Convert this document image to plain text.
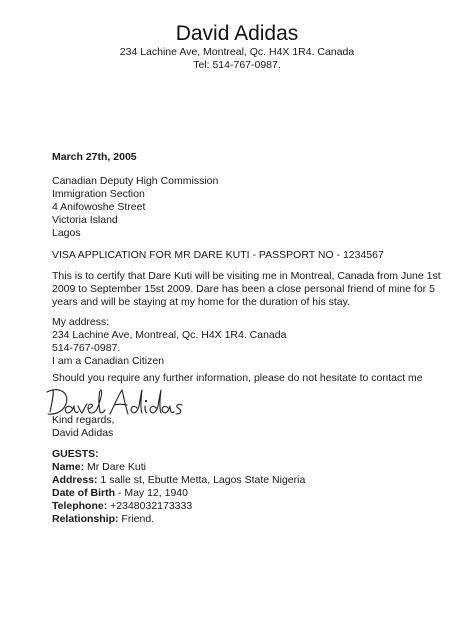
David Adidas
234 Lachine Ave, Montreal, Qc. H4X 1R4. Canada
Tel: 514-767-0987.
March 27th, 2005
Canadian Deputy High Commission
Immigration Section
4 Anifowoshe Street
Victoria Island
Lagos
VISA APPLICATION FOR MR DARE KUTI - PASSPORT NO - 1234567
This is to certify that Dare Kuti will be visiting me in Montreal, Canada from June 1st
2009 to September 15st 2009. Dare has been a close personal friend of mine for 5
years and will be staying at my home for the duration of his stay.
My address:
234 Lachine Ave, Montreal, Qc. H4X 1R4. Canada
514-767-0987.
I am a Canadian Citizen
Should you require any further information, please do not hesitate to contact me
Kind regards,
David Adidas
GUESTS:
Name: Mr Dare Kuti
Address: 1 salle st, Ebutte Metta, Lagos State Nigeria
Date of Birth - May 12, 1940
Telephone: +2348032173333
Relationship: Friend.
